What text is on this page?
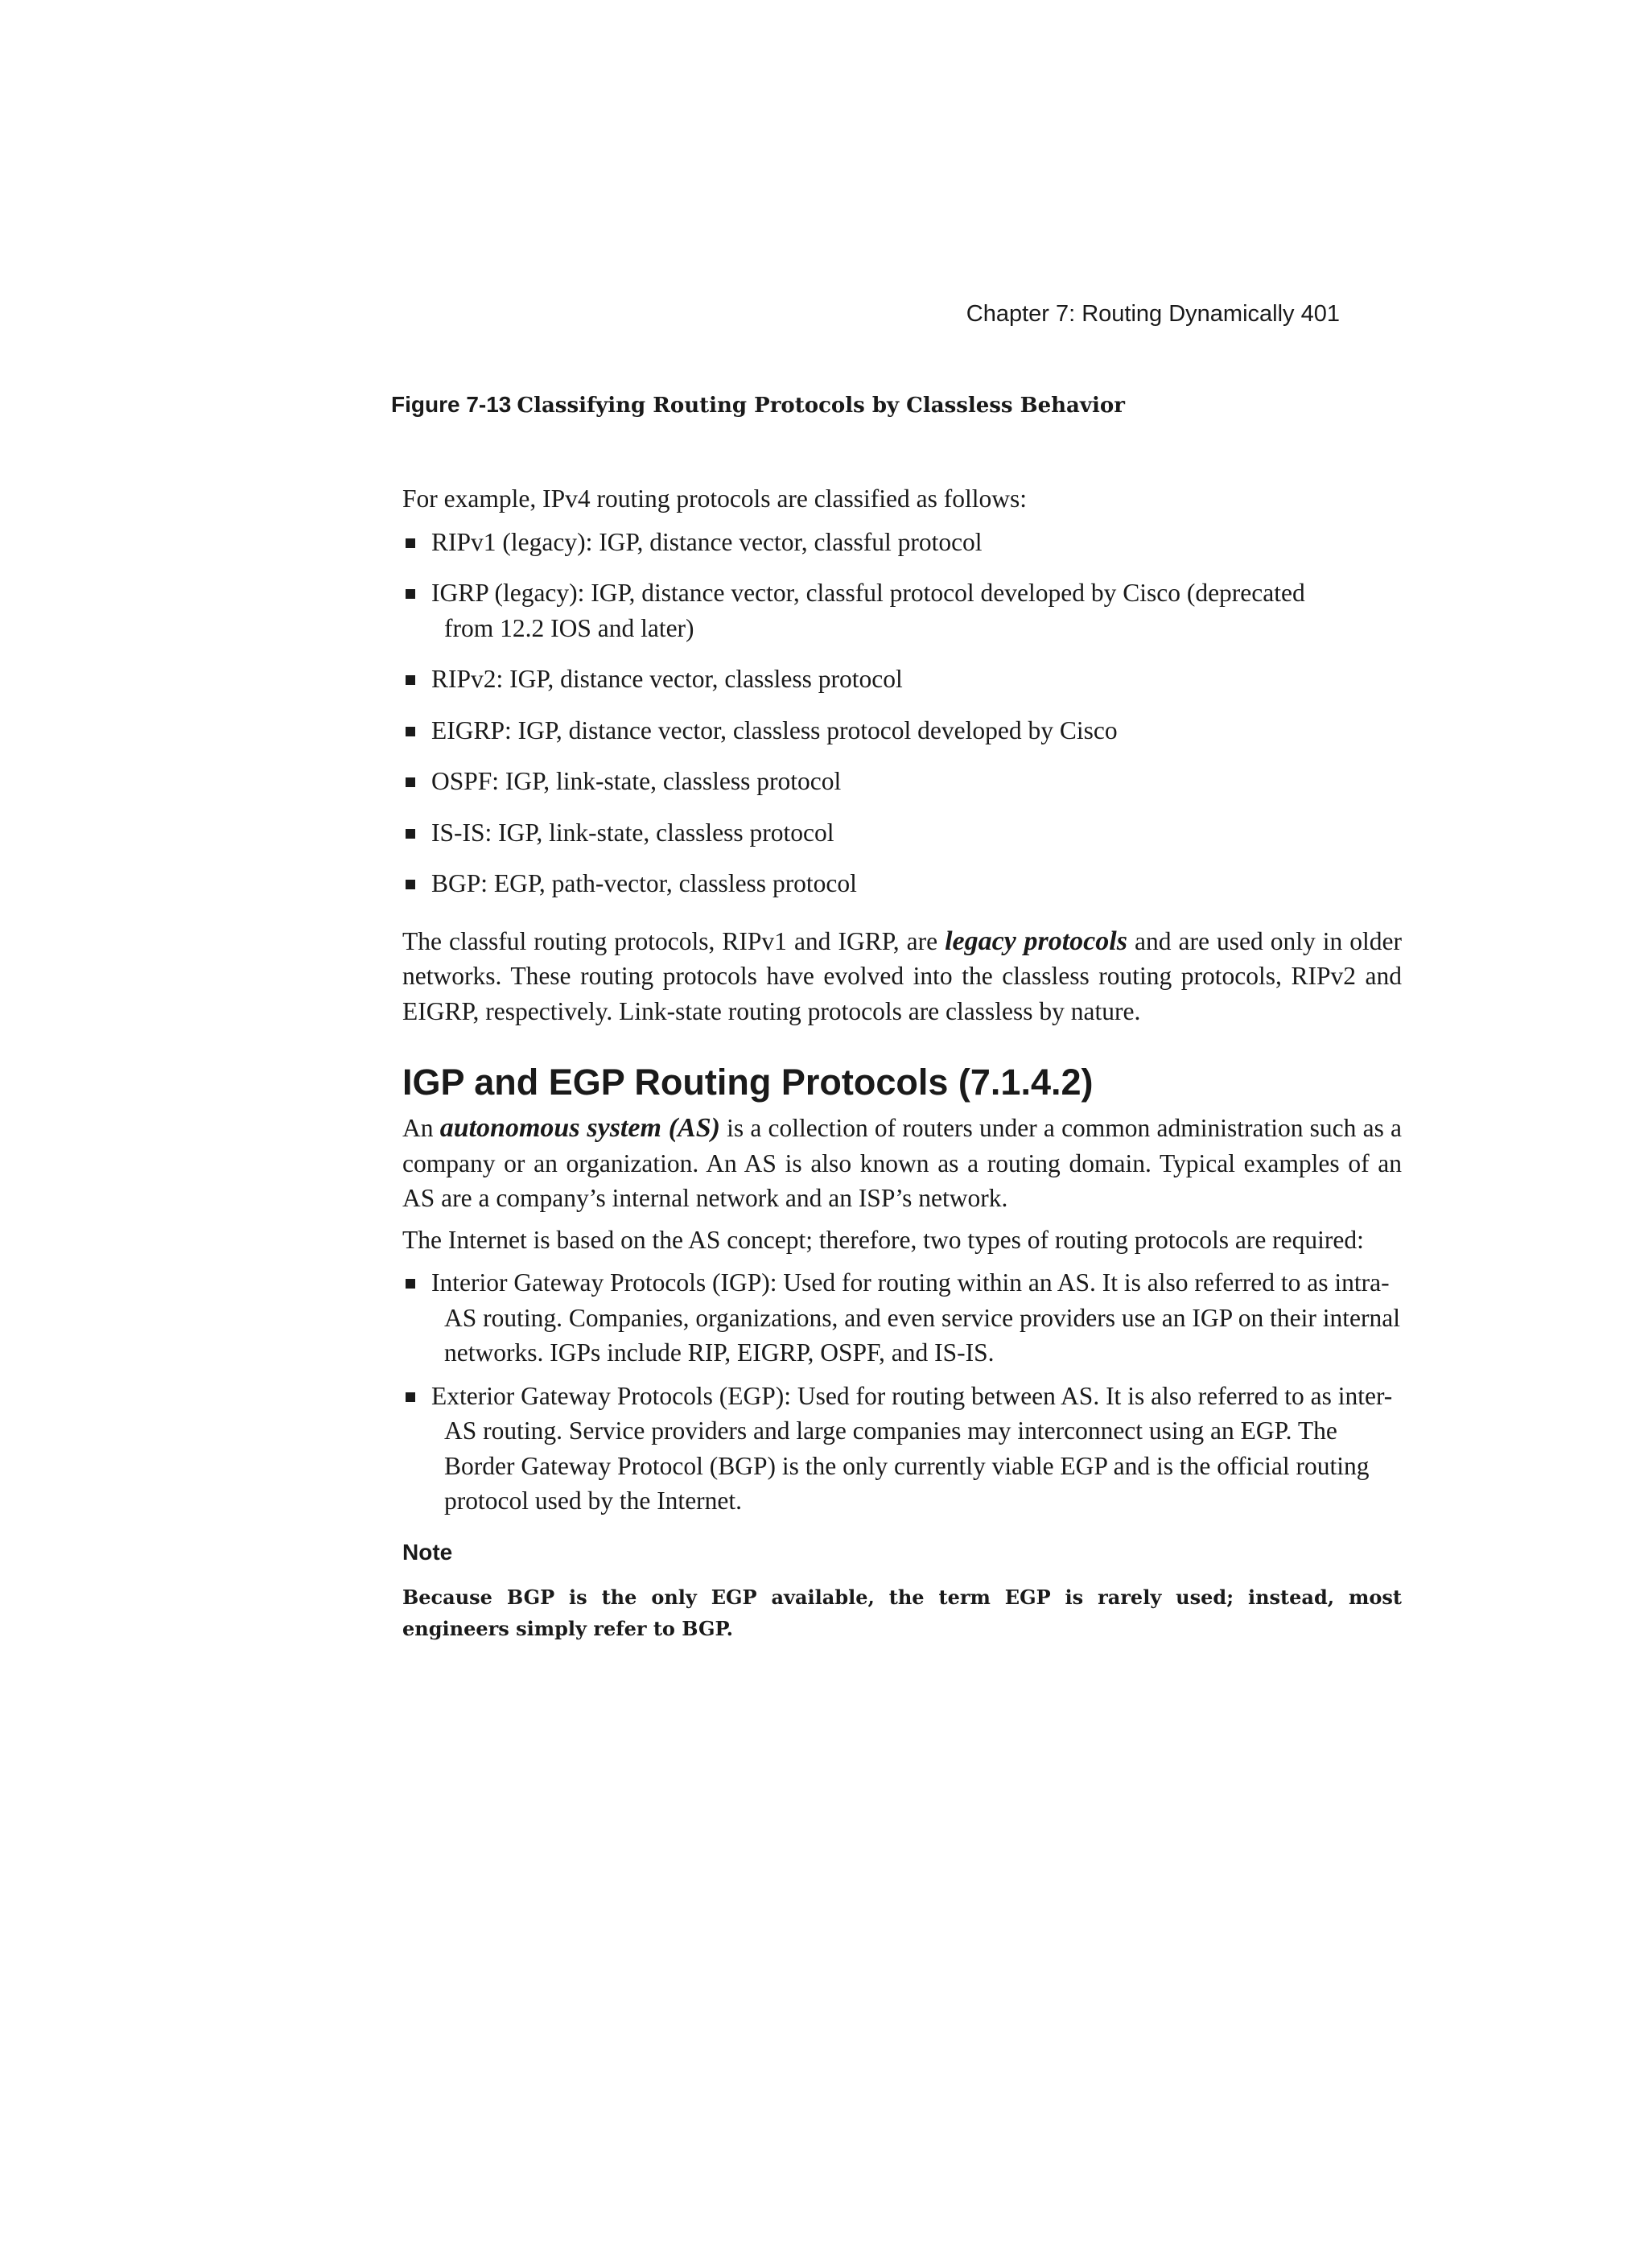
Chapter 7: Routing Dynamically 401
Figure 7-13 Classifying Routing Protocols by Classless Behavior

For example, IPv4 routing protocols are classified as follows:

RIPv1 (legacy): IGP, distance vector, classful protocol
IGRP (legacy): IGP, distance vector, classful protocol developed by Cisco (deprecated
from 12.2 IOS and later)
RIPv2: IGP, distance vector, classless protocol
EIGRP: IGP, distance vector, classless protocol developed by Cisco
OSPF: IGP, link-state, classless protocol
IS-IS: IGP, link-state, classless protocol
BGP: EGP, path-vector, classless protocol

The classful routing protocols, RIPv1 and IGRP, are legacy protocols and are used only in older networks. These routing protocols have evolved into the classless routing protocols, RIPv2 and EIGRP, respectively. Link-state routing protocols are classless by nature.

IGP and EGP Routing Protocols (7.1.4.2)

An autonomous system (AS) is a collection of routers under a common administration such as a company or an organization. An AS is also known as a routing domain. Typical examples of an AS are a company’s internal network and an ISP’s network.

The Internet is based on the AS concept; therefore, two types of routing protocols are required:

Interior Gateway Protocols (IGP): Used for routing within an AS. It is also referred to as intra-AS routing. Companies, organizations, and even service providers use an IGP on their internal networks. IGPs include RIP, EIGRP, OSPF, and IS-IS.
Exterior Gateway Protocols (EGP): Used for routing between AS. It is also referred to as inter-AS routing. Service providers and large companies may interconnect using an EGP. The Border Gateway Protocol (BGP) is the only currently viable EGP and is the official routing protocol used by the Internet.

Note

Because BGP is the only EGP available, the term EGP is rarely used; instead, most engineers simply refer to BGP.
